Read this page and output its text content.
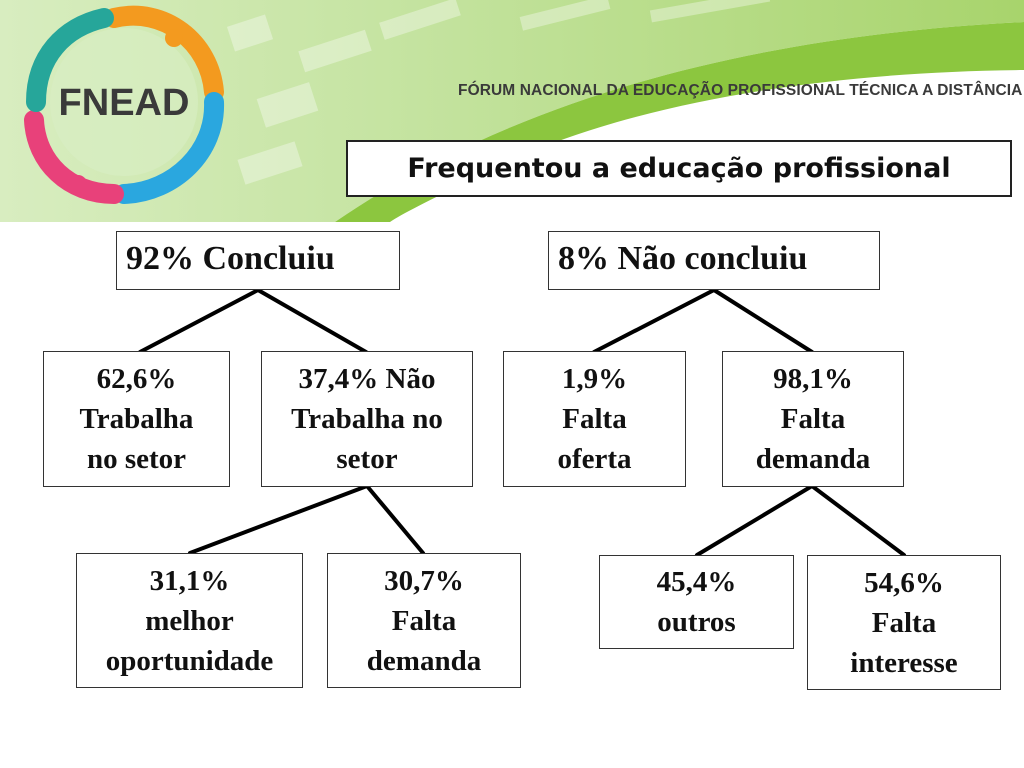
FNEAD	FÓRUM NACIONAL DA EDUCAÇÃO PROFISSIONAL TÉCNICA A DISTÂNCIA
Frequentou a educação profissional
92% Concluiu
62,6%
Trabalha
no setor
37,4% Não
Trabalha no
setor
31,1%
melhor
oportunidade
30,7%
Falta
demanda
8% Não concluiu
1,9%
Falta
oferta
98,1%
Falta
demanda
45,4%
outros
54,6%
Falta
interesse
